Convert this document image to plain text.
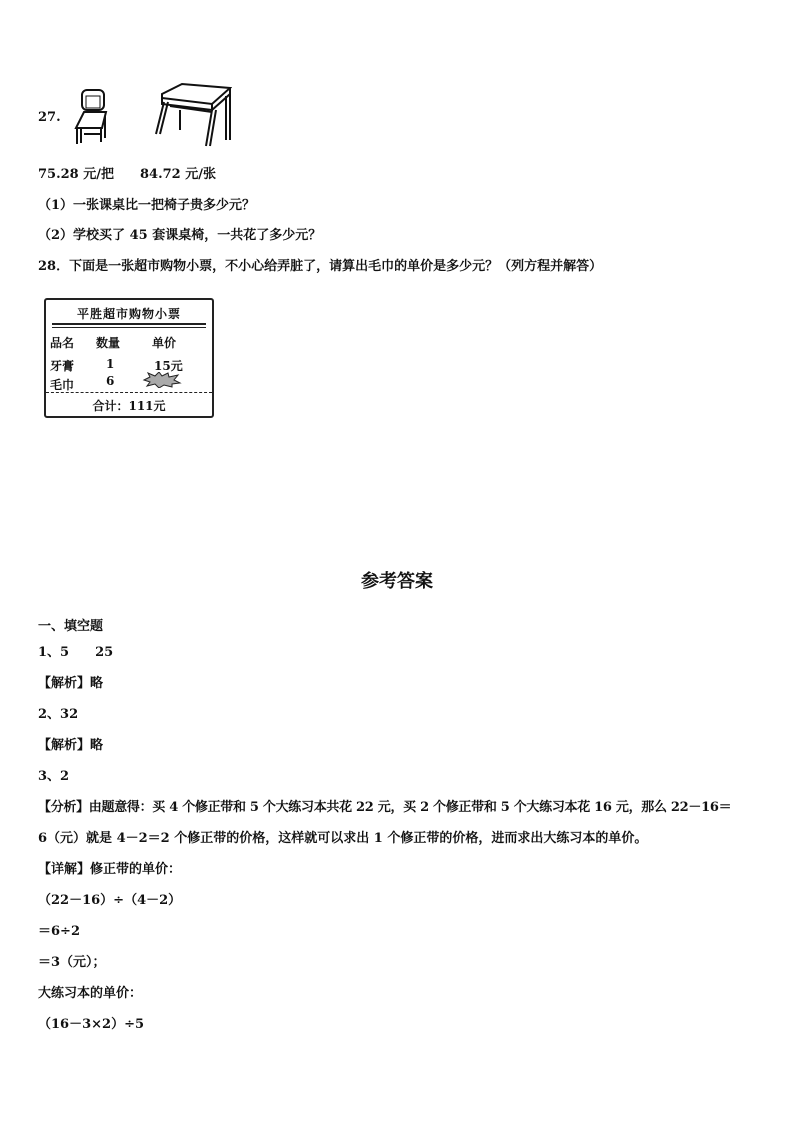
27.
75.28 元/把　　84.72 元/张
（1）一张课桌比一把椅子贵多少元？
（2）学校买了 45 套课桌椅，一共花了多少元？
28．下面是一张超市购物小票，不小心给弄脏了，请算出毛巾的单价是多少元？（列方程并解答）
平胜超市购物小票
品名 数量	单价
牙膏	1	15元
毛巾	6
合计：111元
参考答案
一、填空题
1、5　　25
【解析】略
2、32
【解析】略
3、2
【分析】由题意得：买 4 个修正带和 5 个大练习本共花 22 元，买 2 个修正带和 5 个大练习本花 16 元，那么 22－16＝
6（元）就是 4－2＝2 个修正带的价格，这样就可以求出 1 个修正带的价格，进而求出大练习本的单价。
【详解】修正带的单价：
（22－16）÷（4－2）
＝6÷2
＝3（元）；
大练习本的单价：
（16－3×2）÷5
